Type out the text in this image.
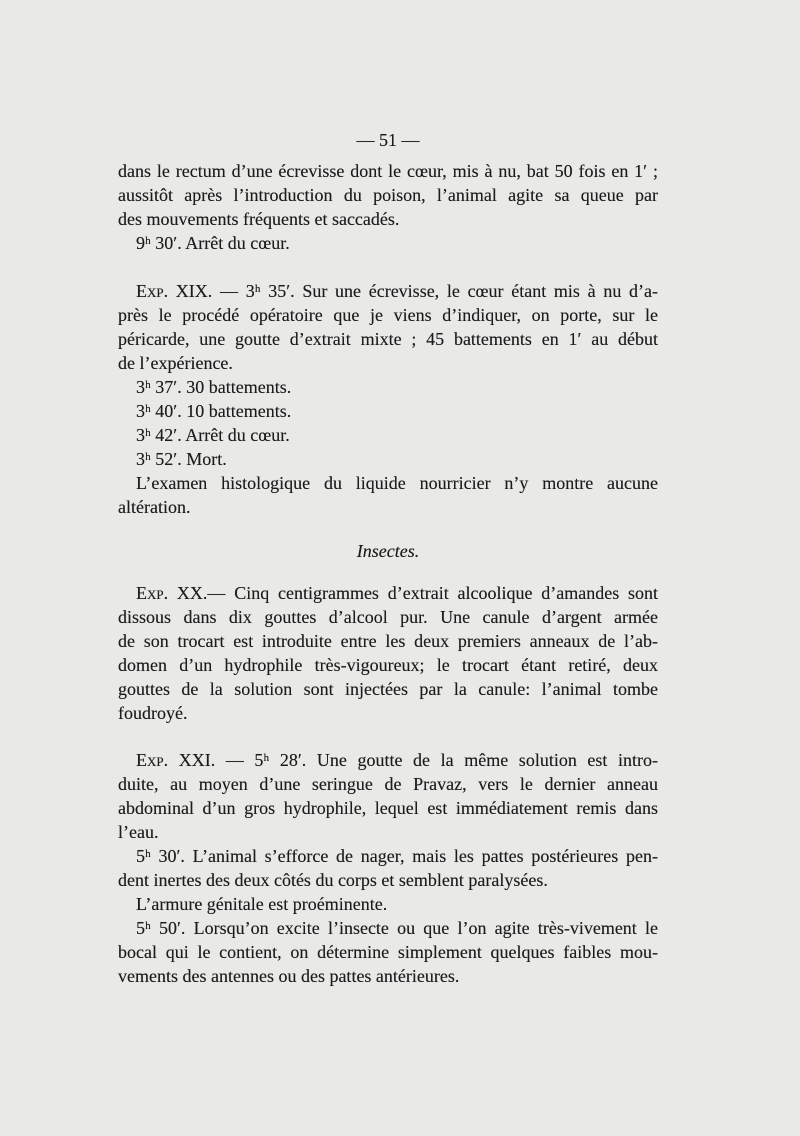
— 51 —
dans le rectum d’une écrevisse dont le cœur, mis à nu, bat 50 fois en 1′ ;
aussitôt après l’introduction du poison, l’animal agite sa queue par
des mouvements fréquents et saccadés.
9ʰ 30′. Arrêt du cœur.
Exp. XIX. — 3ʰ 35′. Sur une écrevisse, le cœur étant mis à nu d’a-
près le procédé opératoire que je viens d’indiquer, on porte, sur le
péricarde, une goutte d’extrait mixte ; 45 battements en 1′ au début
de l’expérience.
3ʰ 37′. 30 battements.
3ʰ 40′. 10 battements.
3ʰ 42′. Arrêt du cœur.
3ʰ 52′. Mort.
L’examen histologique du liquide nourricier n’y montre aucune
altération.
Insectes.
Exp. XX.— Cinq centigrammes d’extrait alcoolique d’amandes sont
dissous dans dix gouttes d’alcool pur. Une canule d’argent armée
de son trocart est introduite entre les deux premiers anneaux de l’ab-
domen d’un hydrophile très-vigoureux; le trocart étant retiré, deux
gouttes de la solution sont injectées par la canule: l’animal tombe
foudroyé.
Exp. XXI. — 5ʰ 28′. Une goutte de la même solution est intro-
duite, au moyen d’une seringue de Pravaz, vers le dernier anneau
abdominal d’un gros hydrophile, lequel est immédiatement remis dans
l’eau.
5ʰ 30′. L’animal s’efforce de nager, mais les pattes postérieures pen-
dent inertes des deux côtés du corps et semblent paralysées.
L’armure génitale est proéminente.
5ʰ 50′. Lorsqu’on excite l’insecte ou que l’on agite très-vivement le
bocal qui le contient, on détermine simplement quelques faibles mou-
vements des antennes ou des pattes antérieures.
